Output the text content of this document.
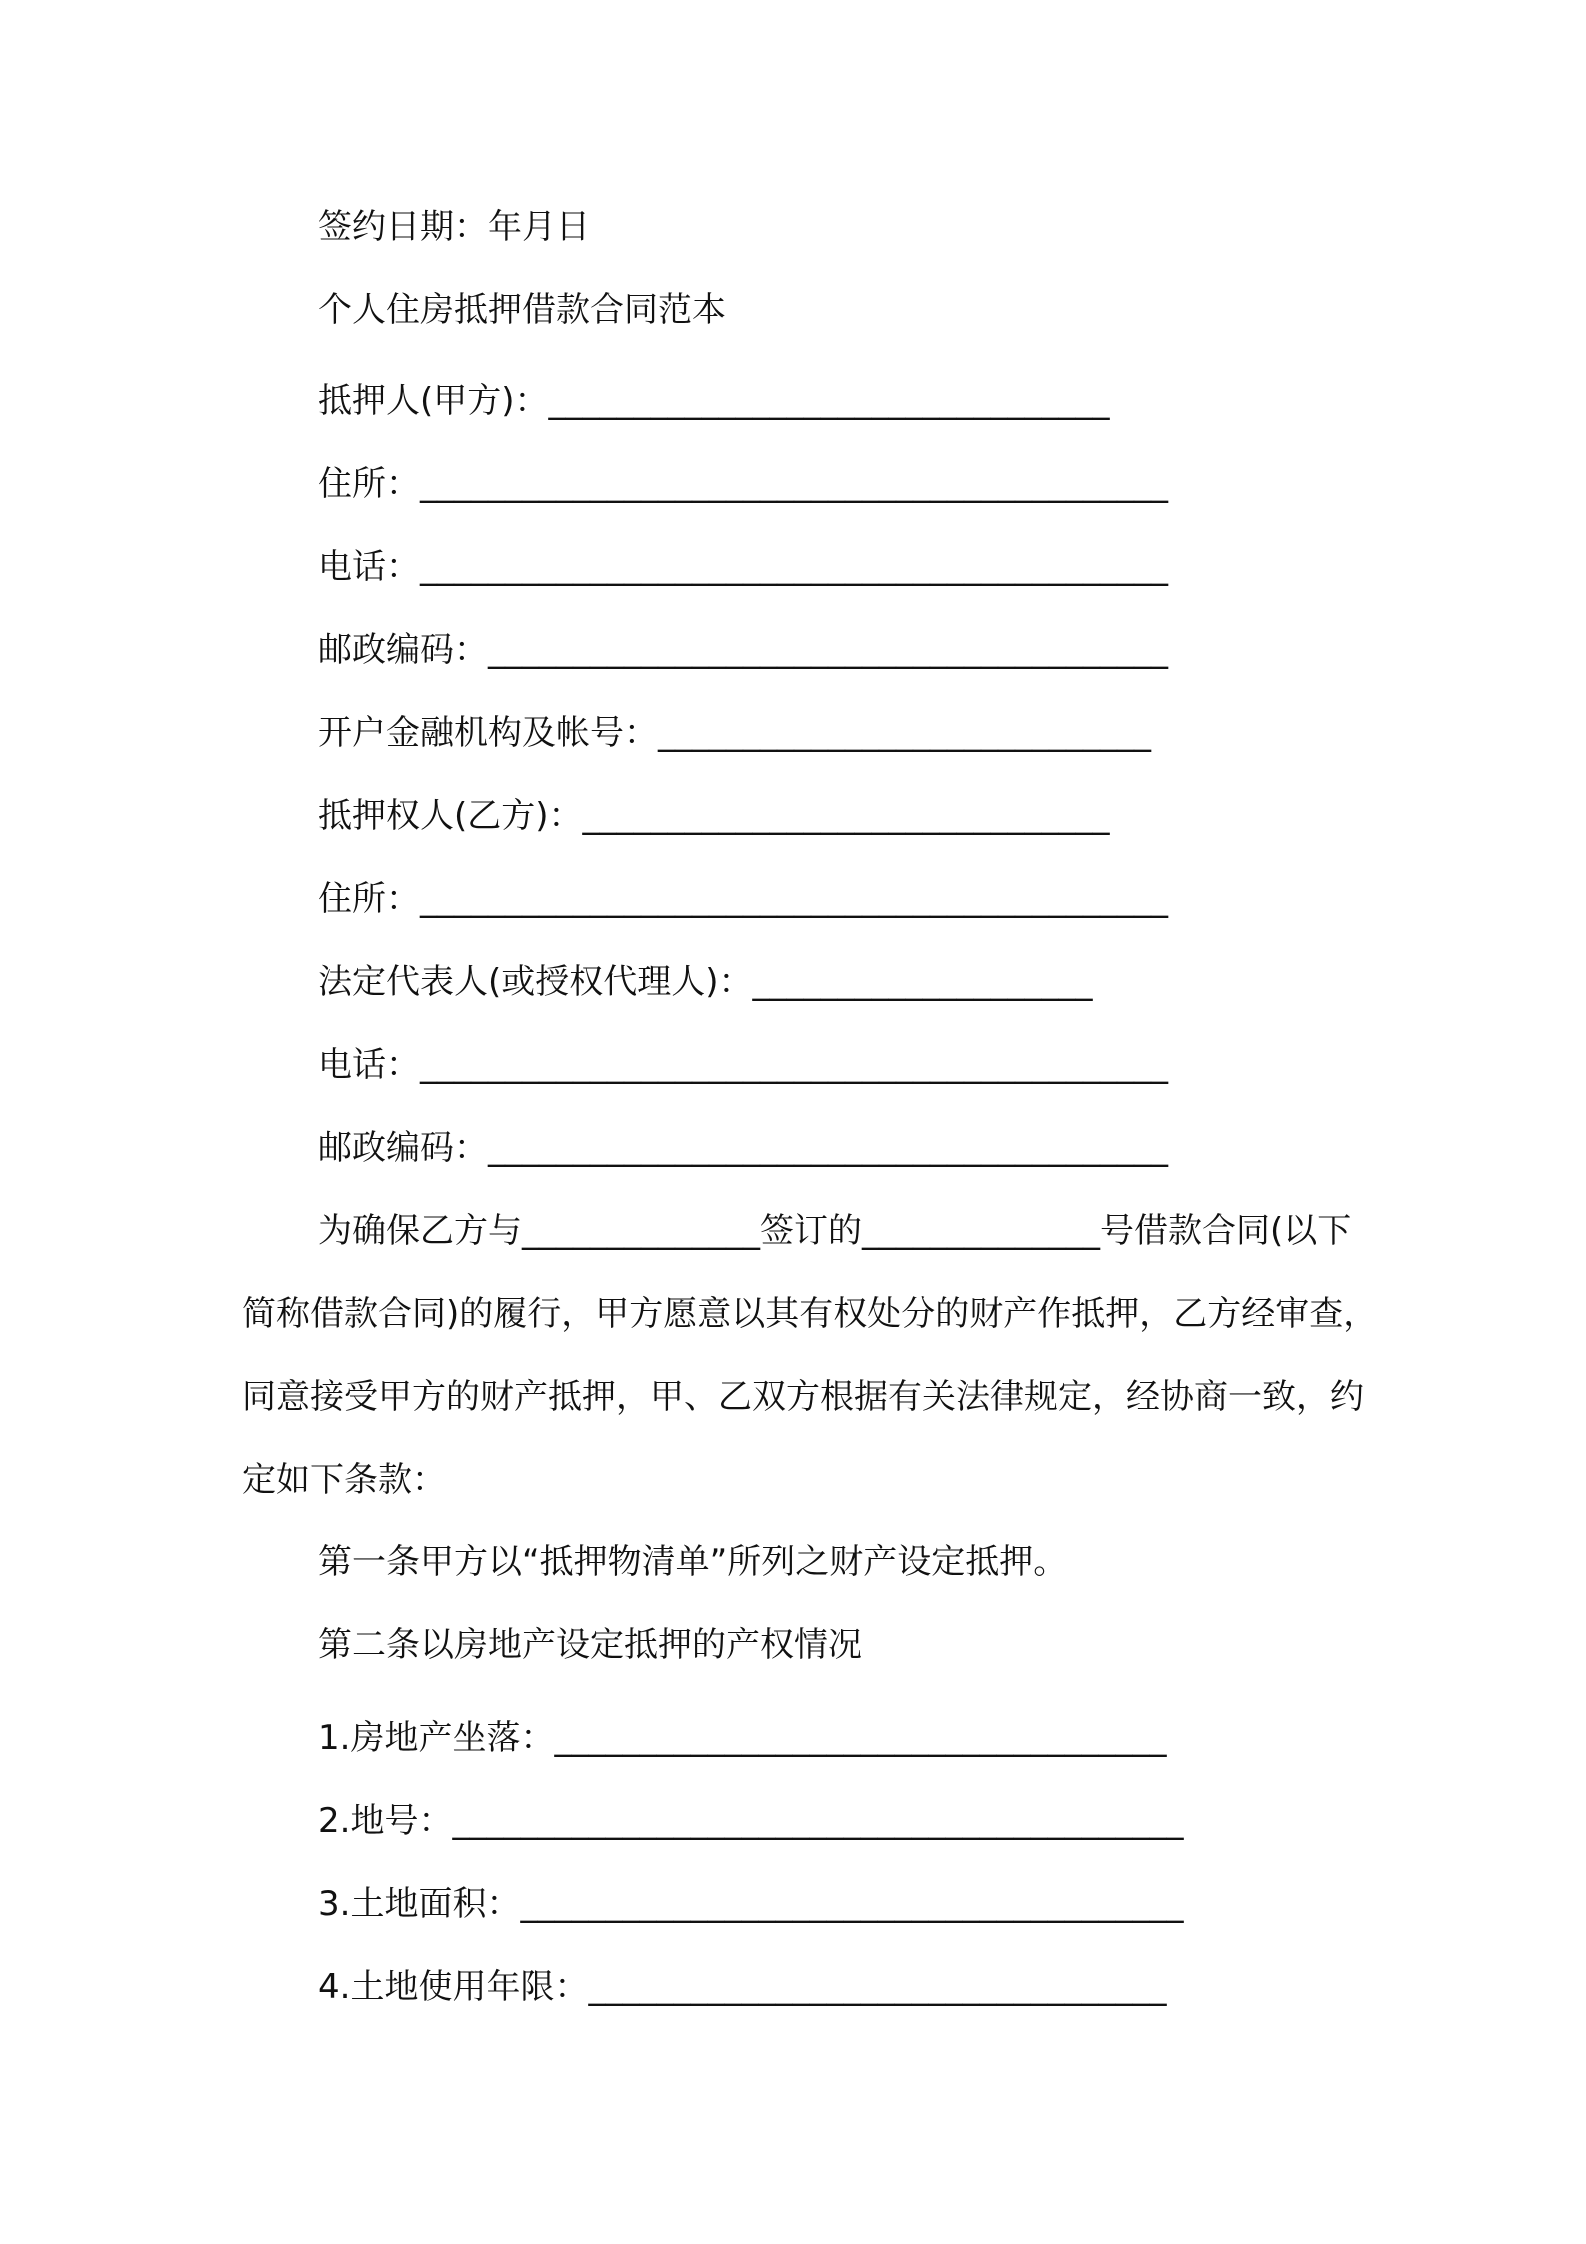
签约日期：年月日
个人住房抵押借款合同范本
抵押人(甲方)：_________________________________
住所：____________________________________________
电话：____________________________________________
邮政编码：________________________________________
开户金融机构及帐号：_____________________________
抵押权人(乙方)：_______________________________
住所：____________________________________________
法定代表人(或授权代理人)：____________________
电话：____________________________________________
邮政编码：________________________________________
为确保乙方与______________签订的______________号借款合同(以下简称借款合同)的履行，甲方愿意以其有权处分的财产作抵押，乙方经审查，同意接受甲方的财产抵押，甲、乙双方根据有关法律规定，经协商一致，约定如下条款：
第一条甲方以“抵押物清单”所列之财产设定抵押。
第二条以房地产设定抵押的产权情况
1.房地产坐落：____________________________________
2.地号：___________________________________________
3.土地面积：_______________________________________
4.土地使用年限：__________________________________
